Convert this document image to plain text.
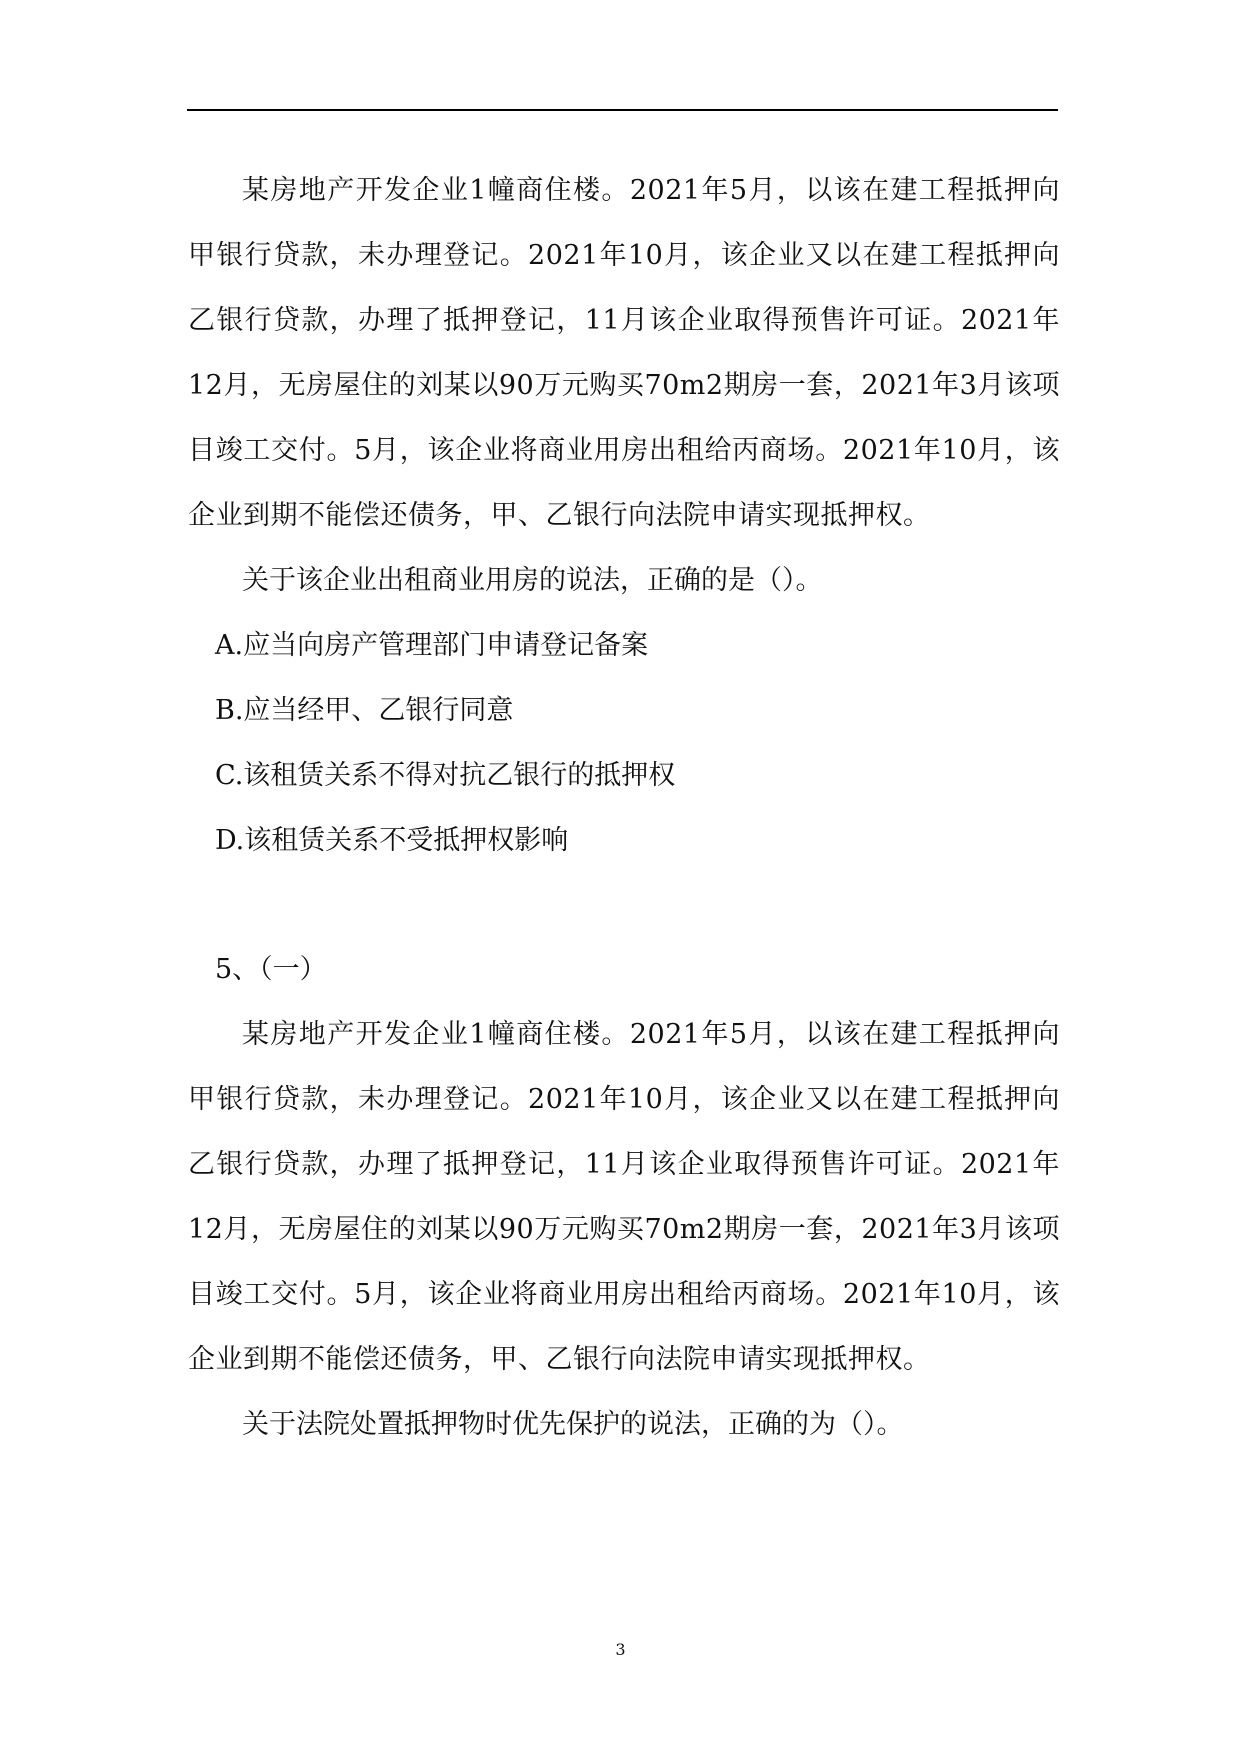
某房地产开发企业1幢商住楼。2021年5月，以该在建工程抵押向甲银行贷款，未办理登记。2021年10月，该企业又以在建工程抵押向乙银行贷款，办理了抵押登记，11月该企业取得预售许可证。2021年12月，无房屋住的刘某以90万元购买70m2期房一套，2021年3月该项目竣工交付。5月，该企业将商业用房出租给丙商场。2021年10月，该企业到期不能偿还债务，甲、乙银行向法院申请实现抵押权。

关于该企业出租商业用房的说法，正确的是（）。

A.应当向房产管理部门申请登记备案

B.应当经甲、乙银行同意

C.该租赁关系不得对抗乙银行的抵押权

D.该租赁关系不受抵押权影响

5、（一）

某房地产开发企业1幢商住楼。2021年5月，以该在建工程抵押向甲银行贷款，未办理登记。2021年10月，该企业又以在建工程抵押向乙银行贷款，办理了抵押登记，11月该企业取得预售许可证。2021年12月，无房屋住的刘某以90万元购买70m2期房一套，2021年3月该项目竣工交付。5月，该企业将商业用房出租给丙商场。2021年10月，该企业到期不能偿还债务，甲、乙银行向法院申请实现抵押权。

关于法院处置抵押物时优先保护的说法，正确的为（）。

3
